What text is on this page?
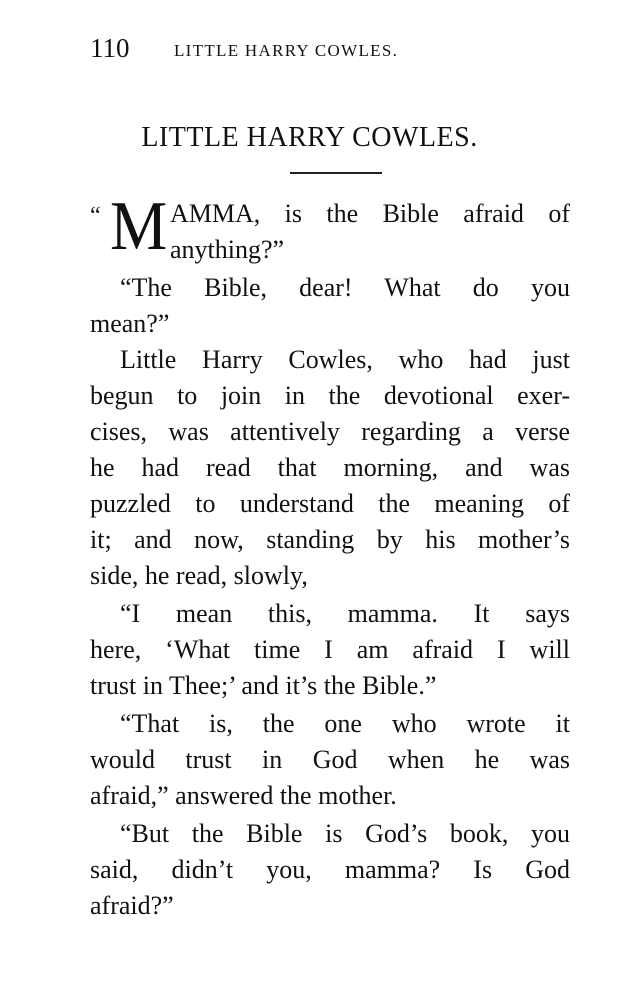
110	LITTLE HARRY COWLES.
LITTLE HARRY COWLES.
“ M AMMA, is the Bible afraid of
anything?”
“The Bible, dear! What do you
mean?”
Little Harry Cowles, who had just
begun to join in the devotional exer-
cises, was attentively regarding a verse
he had read that morning, and was
puzzled to understand the meaning of
it; and now, standing by his mother’s
side, he read, slowly,
“I mean this, mamma. It says
here, ‘What time I am afraid I will
trust in Thee;’ and it’s the Bible.”
“That is, the one who wrote it
would trust in God when he was
afraid,” answered the mother.
“But the Bible is God’s book, you
said, didn’t you, mamma? Is God
afraid?”
